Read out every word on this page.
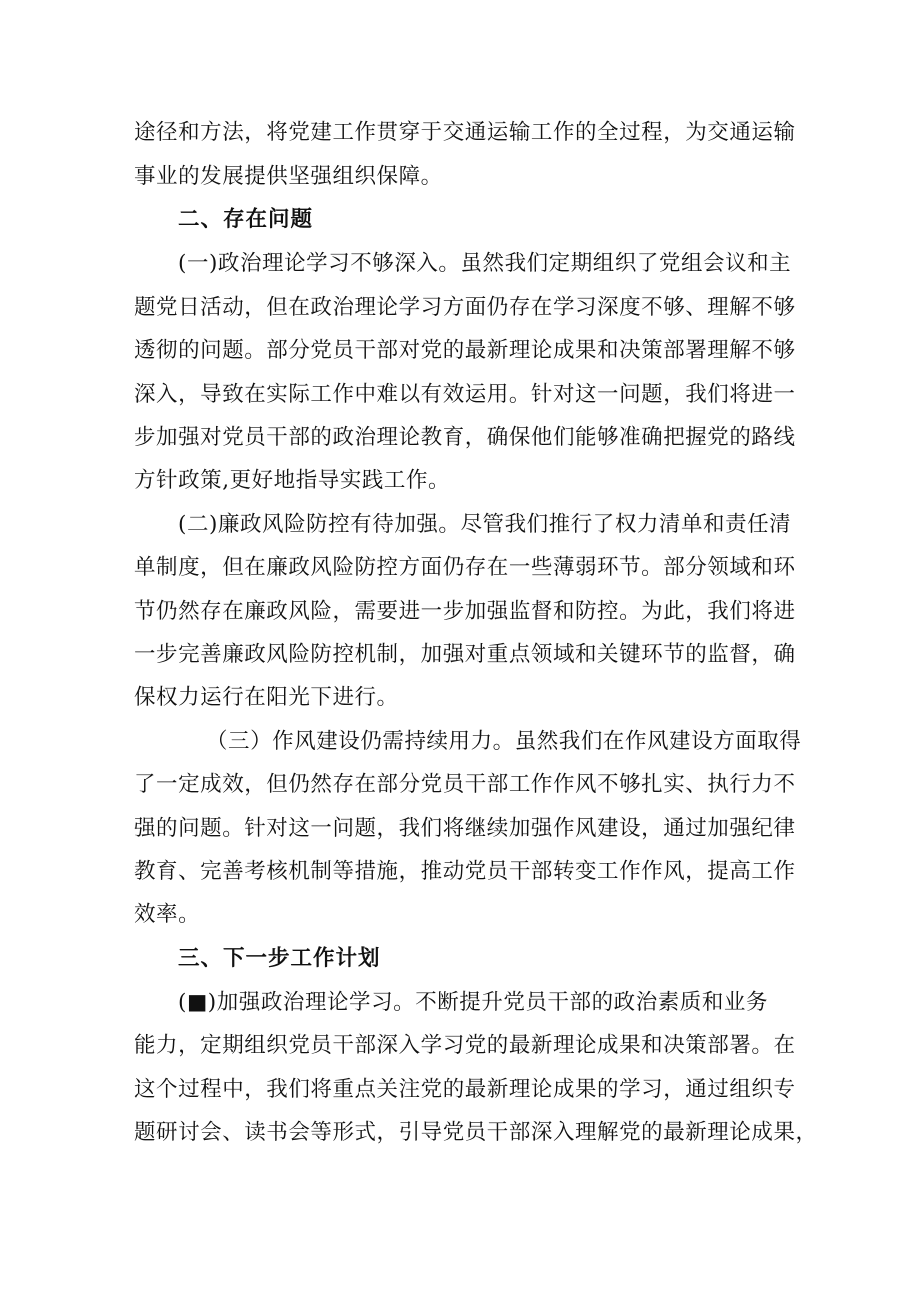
途径和方法，将党建工作贯穿于交通运输工作的全过程，为交通运输
事业的发展提供坚强组织保障。
二、存在问题
(一)政治理论学习不够深入。虽然我们定期组织了党组会议和主
题党日活动，但在政治理论学习方面仍存在学习深度不够、理解不够
透彻的问题。部分党员干部对党的最新理论成果和决策部署理解不够
深入，导致在实际工作中难以有效运用。针对这一问题，我们将进一
步加强对党员干部的政治理论教育，确保他们能够准确把握党的路线
方针政策,更好地指导实践工作。
(二)廉政风险防控有待加强。尽管我们推行了权力清单和责任清
单制度，但在廉政风险防控方面仍存在一些薄弱环节。部分领域和环
节仍然存在廉政风险，需要进一步加强监督和防控。为此，我们将进
一步完善廉政风险防控机制，加强对重点领域和关键环节的监督，确
保权力运行在阳光下进行。
（三）作风建设仍需持续用力。虽然我们在作风建设方面取得
了一定成效，但仍然存在部分党员干部工作作风不够扎实、执行力不
强的问题。针对这一问题，我们将继续加强作风建设，通过加强纪律
教育、完善考核机制等措施，推动党员干部转变工作作风，提高工作
效率。
三、下一步工作计划
(■)加强政治理论学习。不断提升党员干部的政治素质和业务
能力，定期组织党员干部深入学习党的最新理论成果和决策部署。在
这个过程中，我们将重点关注党的最新理论成果的学习，通过组织专
题研讨会、读书会等形式，引导党员干部深入理解党的最新理论成果，
